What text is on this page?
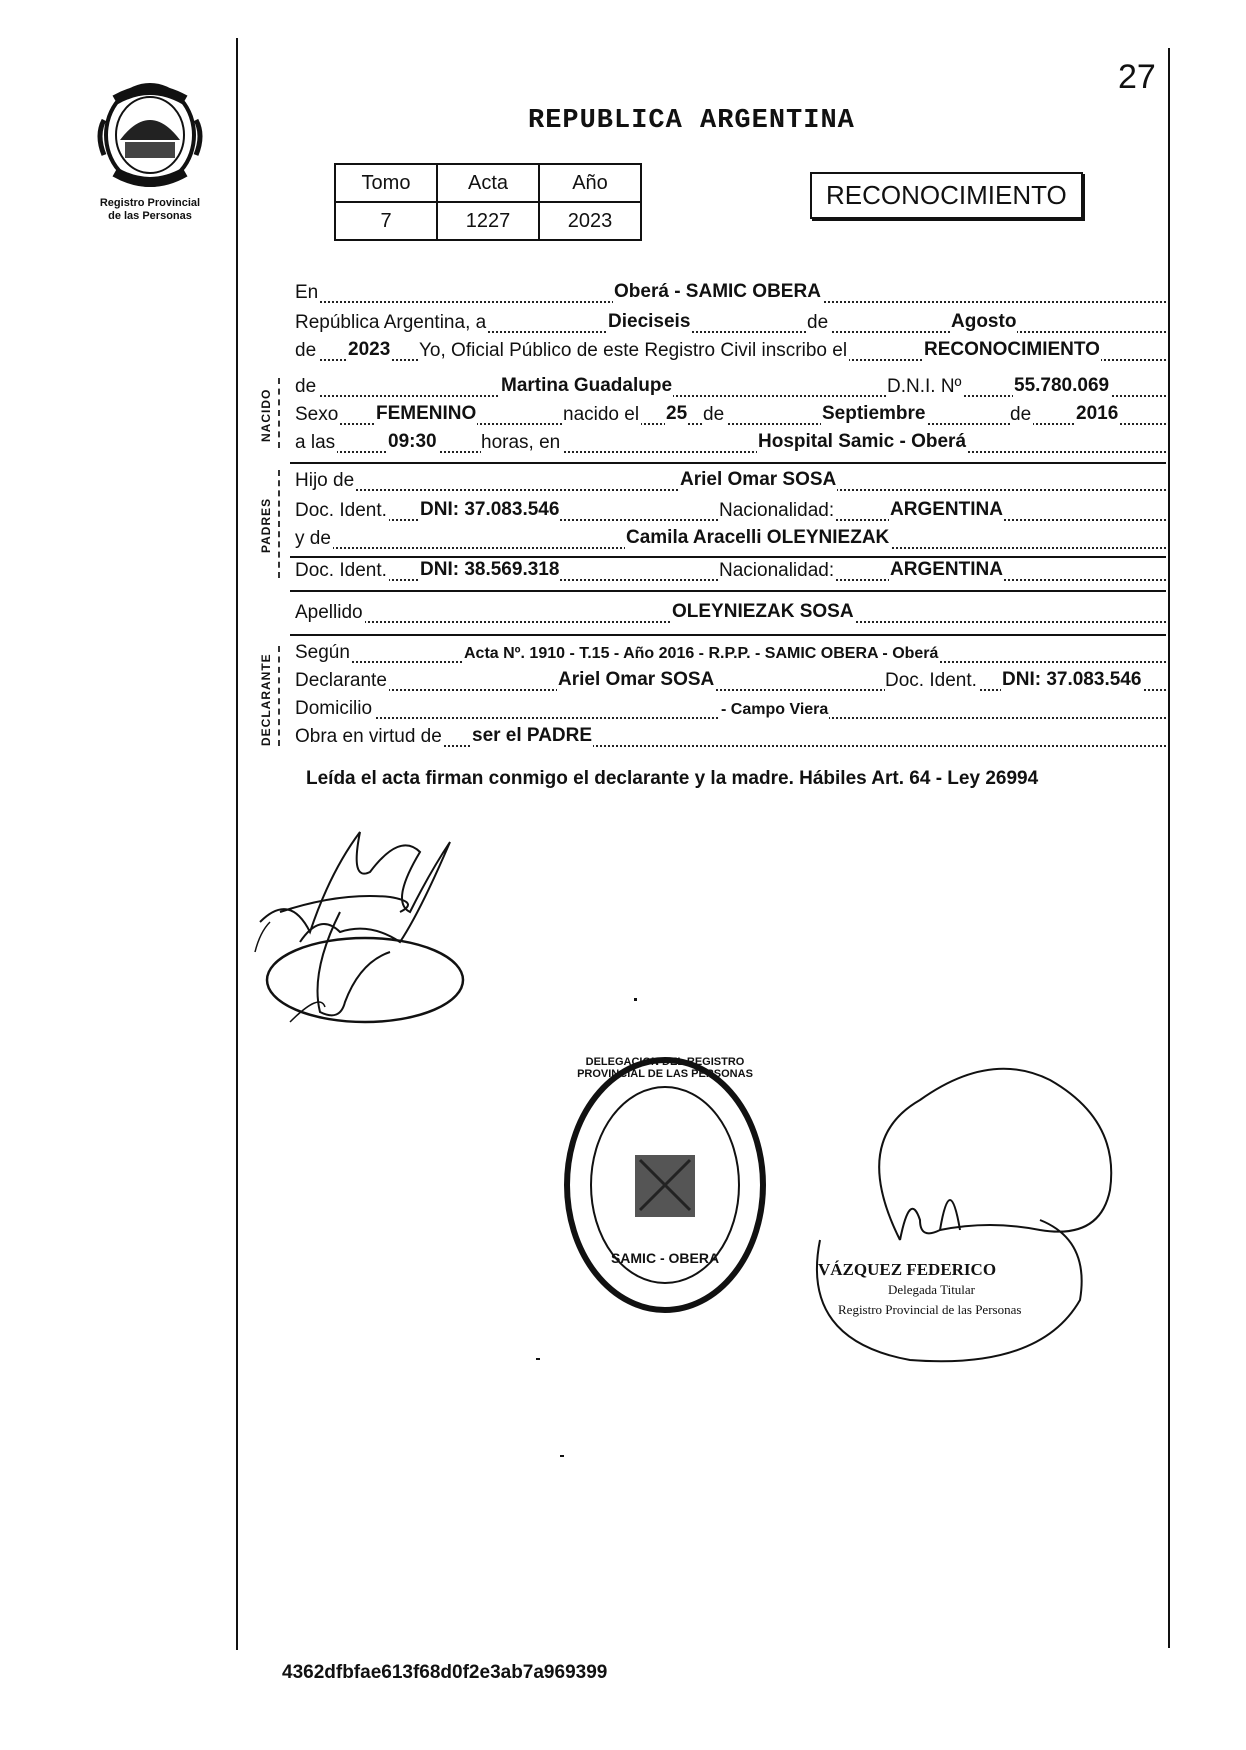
Registro Provincial
de las Personas
27
REPUBLICA ARGENTINA
Tomo	Acta	Año
7	1227	2023
RECONOCIMIENTO
NACIDO
PADRES
DECLARANTE
En	Oberá - SAMIC OBERA
República Argentina, a	Dieciseis	de	Agosto
de 2023 Yo, Oficial Público de este Registro Civil inscribo el	RECONOCIMIENTO
de	Martina Guadalupe	D.N.I. Nº	55.780.069
Sexo FEMENINO	nacido el 25 de	Septiembre	de 2016
a las	09:30 horas, en	Hospital Samic - Oberá
Hijo de	Ariel Omar SOSA
Doc. Ident. DNI: 37.083.546	Nacionalidad:	ARGENTINA
y de	Camila Aracelli OLEYNIEZAK
Doc. Ident. DNI: 38.569.318	Nacionalidad:	ARGENTINA
Apellido	OLEYNIEZAK SOSA
Según	Acta Nº. 1910 - T.15 - Año 2016 - R.P.P. - SAMIC OBERA - Oberá
Declarante	Ariel Omar SOSA	Doc. Ident. DNI: 37.083.546
Domicilio	- Campo Viera
Obra en virtud de ser el PADRE
Leída el acta firman conmigo el declarante y la madre. Hábiles Art. 64 - Ley 26994
DELEGACION DEL REGISTRO PROVINCIAL DE LAS PERSONAS
SAMIC - OBERA
VÁZQUEZ FEDERICO
Delegada Titular
Registro Provincial de las Personas
4362dfbfae613f68d0f2e3ab7a969399
